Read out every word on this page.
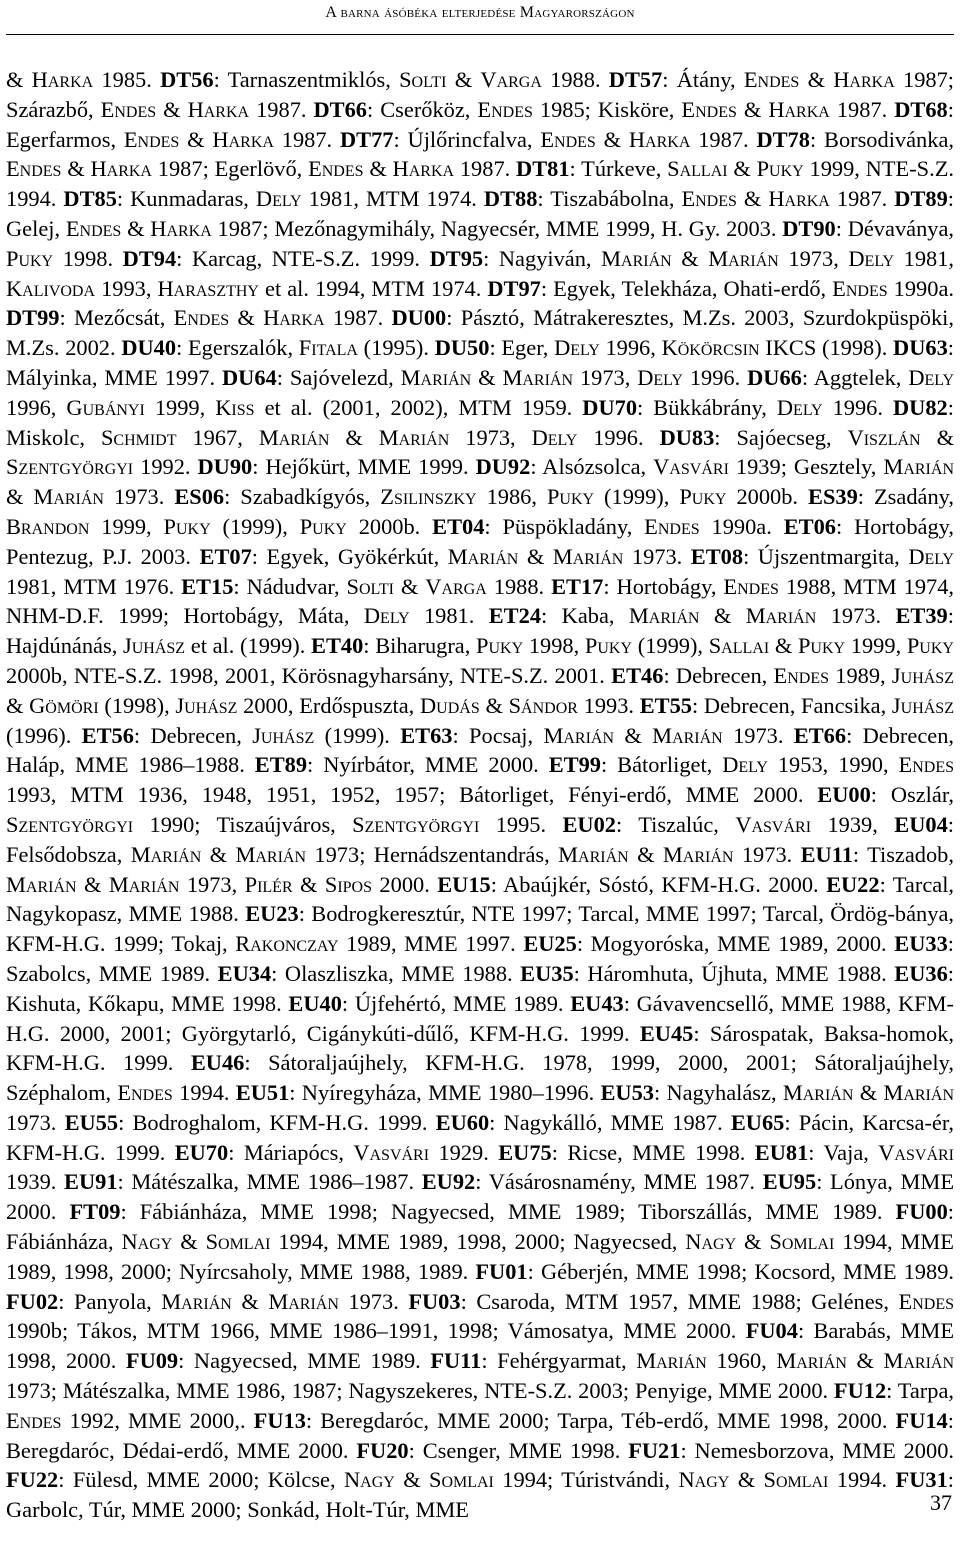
A barna ásóbéka elterjedése Magyarországon
& Harka 1985. DT56: Tarnaszentmiklós, Solti & Varga 1988. DT57: Átány, Endes & Harka 1987; Szárazbő, Endes & Harka 1987. DT66: Cserőköz, Endes 1985; Kisköre, Endes & Harka 1987. DT68: Egerfarmos, Endes & Harka 1987. DT77: Újlőrincfalva, Endes & Harka 1987. DT78: Borsodivánka, Endes & Harka 1987; Egerlövő, Endes & Harka 1987. DT81: Túrkeve, Sallai & Puky 1999, NTE-S.Z. 1994. DT85: Kunmadaras, Dely 1981, MTM 1974. DT88: Tiszabábolna, Endes & Harka 1987. DT89: Gelej, Endes & Harka 1987; Mezőnagymihály, Nagyecsér, MME 1999, H. Gy. 2003. DT90: Dévaványa, Puky 1998. DT94: Karcag, NTE-S.Z. 1999. DT95: Nagyiván, Marián & Marián 1973, Dely 1981, Kalivoda 1993, Haraszthy et al. 1994, MTM 1974. DT97: Egyek, Telekháza, Ohati-erdő, Endes 1990a. DT99: Mezőcsát, Endes & Harka 1987. DU00: Pásztó, Mátrakeresztes, M.Zs. 2003, Szurdokpüspöki, M.Zs. 2002. DU40: Egerszalók, Fitala (1995). DU50: Eger, Dely 1996, Kökörcsin IKCS (1998). DU63: Mályinka, MME 1997. DU64: Sajóvelezd, Marián & Marián 1973, Dely 1996. DU66: Aggtelek, Dely 1996, Gubányi 1999, Kiss et al. (2001, 2002), MTM 1959. DU70: Bükkábrány, Dely 1996. DU82: Miskolc, Schmidt 1967, Marián & Marián 1973, Dely 1996. DU83: Sajóecseg, Viszlán & Szentgyörgyi 1992. DU90: Hejőkürt, MME 1999. DU92: Alsózsolca, Vasvári 1939; Gesztely, Marián & Marián 1973. ES06: Szabadkígyós, Zsilinszky 1986, Puky (1999), Puky 2000b. ES39: Zsadány, Brandon 1999, Puky (1999), Puky 2000b. ET04: Püspökladány, Endes 1990a. ET06: Hortobágy, Pentezug, P.J. 2003. ET07: Egyek, Gyökérkút, Marián & Marián 1973. ET08: Újszentmargita, Dely 1981, MTM 1976. ET15: Nádudvar, Solti & Varga 1988. ET17: Hortobágy, Endes 1988, MTM 1974, NHM-D.F. 1999; Hortobágy, Máta, Dely 1981. ET24: Kaba, Marián & Marián 1973. ET39: Hajdúnánás, Juhász et al. (1999). ET40: Biharugra, Puky 1998, Puky (1999), Sallai & Puky 1999, Puky 2000b, NTE-S.Z. 1998, 2001, Körösnagyharsány, NTE-S.Z. 2001. ET46: Debrecen, Endes 1989, Juhász & Gömöri (1998), Juhász 2000, Erdőspuszta, Dudás & Sándor 1993. ET55: Debrecen, Fancsika, Juhász (1996). ET56: Debrecen, Juhász (1999). ET63: Pocsaj, Marián & Marián 1973. ET66: Debrecen, Haláp, MME 1986–1988. ET89: Nyírbátor, MME 2000. ET99: Bátorliget, Dely 1953, 1990, Endes 1993, MTM 1936, 1948, 1951, 1952, 1957; Bátorliget, Fényi-erdő, MME 2000. EU00: Oszlár, Szentgyörgyi 1990; Tiszaújváros, Szentgyörgyi 1995. EU02: Tiszalúc, Vasvári 1939, EU04: Felsődobsza, Marián & Marián 1973; Hernádszentandrás, Marián & Marián 1973. EU11: Tiszadob, Marián & Marián 1973, Pilér & Sipos 2000. EU15: Abaújkér, Sóstó, KFM-H.G. 2000. EU22: Tarcal, Nagykopasz, MME 1988. EU23: Bodrogkeresztúr, NTE 1997; Tarcal, MME 1997; Tarcal, Ördög-bánya, KFM-H.G. 1999; Tokaj, Rakonczay 1989, MME 1997. EU25: Mogyoróska, MME 1989, 2000. EU33: Szabolcs, MME 1989. EU34: Olaszliszka, MME 1988. EU35: Háromhuta, Újhuta, MME 1988. EU36: Kishuta, Kőkapu, MME 1998. EU40: Újfehértó, MME 1989. EU43: Gávavencsellő, MME 1988, KFM-H.G. 2000, 2001; Györgytarló, Cigánykúti-dűlő, KFM-H.G. 1999. EU45: Sárospatak, Baksa-homok, KFM-H.G. 1999. EU46: Sátoraljaújhely, KFM-H.G. 1978, 1999, 2000, 2001; Sátoraljaújhely, Széphalom, Endes 1994. EU51: Nyíregyháza, MME 1980–1996. EU53: Nagyhalász, Marián & Marián 1973. EU55: Bodroghalom, KFM-H.G. 1999. EU60: Nagykálló, MME 1987. EU65: Pácin, Karcsa-ér, KFM-H.G. 1999. EU70: Máriapócs, Vasvári 1929. EU75: Ricse, MME 1998. EU81: Vaja, Vasvári 1939. EU91: Mátészalka, MME 1986–1987. EU92: Vásárosnamény, MME 1987. EU95: Lónya, MME 2000. FT09: Fábiánháza, MME 1998; Nagyecsed, MME 1989; Tiborszállás, MME 1989. FU00: Fábiánháza, Nagy & Somlai 1994, MME 1989, 1998, 2000; Nagyecsed, Nagy & Somlai 1994, MME 1989, 1998, 2000; Nyírcsaholy, MME 1988, 1989. FU01: Géberjén, MME 1998; Kocsord, MME 1989. FU02: Panyola, Marián & Marián 1973. FU03: Csaroda, MTM 1957, MME 1988; Gelénes, Endes 1990b; Tákos, MTM 1966, MME 1986–1991, 1998; Vámosatya, MME 2000. FU04: Barabás, MME 1998, 2000. FU09: Nagyecsed, MME 1989. FU11: Fehérgyarmat, Marián 1960, Marián & Marián 1973; Mátészalka, MME 1986, 1987; Nagyszekeres, NTE-S.Z. 2003; Penyige, MME 2000. FU12: Tarpa, Endes 1992, MME 2000,. FU13: Beregdaróc, MME 2000; Tarpa, Téb-erdő, MME 1998, 2000. FU14: Beregdaróc, Dédai-erdő, MME 2000. FU20: Csenger, MME 1998. FU21: Nemesborzova, MME 2000. FU22: Fülesd, MME 2000; Kölcse, Nagy & Somlai 1994; Túristvándi, Nagy & Somlai 1994. FU31: Garbolc, Túr, MME 2000; Sonkád, Holt-Túr, MME	37
